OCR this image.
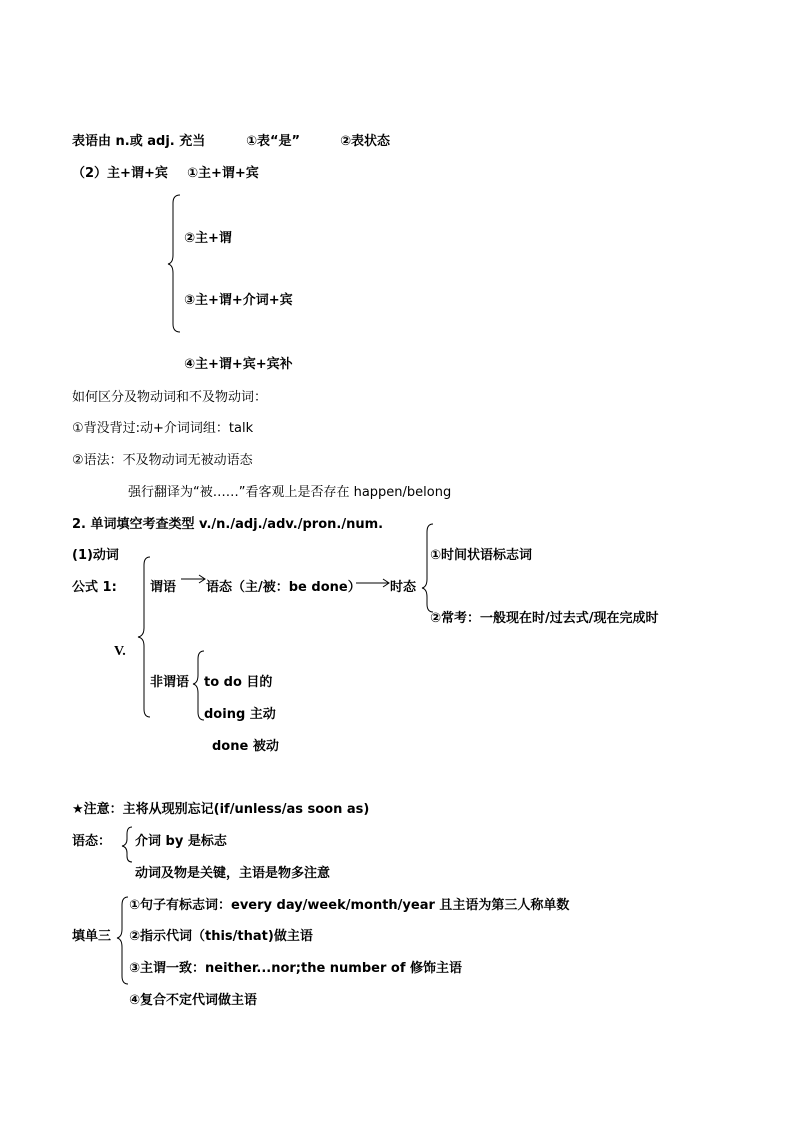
表语由 n.或 adj. 充当	①表“是”	②表状态
（2）主+谓+宾 ①主+谓+宾
②主+谓
③主+谓+介词+宾
④主+谓+宾+宾补
如何区分及物动词和不及物动词：
①背没背过:动+介词词组：talk
②语法：不及物动词无被动语态
强行翻译为“被……”看客观上是否存在 happen/belong
2. 单词填空考查类型 v./n./adj./adv./pron./num.
(1)动词
公式 1:
V.
谓语 语态（主/被：be done） 时态
①时间状语标志词
②常考：一般现在时/过去式/现在完成时
非谓语 to do 目的
doing 主动
done 被动
★注意：主将从现别忘记(if/unless/as soon as)
语态： 介词 by 是标志
动词及物是关键，主语是物多注意
填单三
①句子有标志词：every day/week/month/year 且主语为第三人称单数
②指示代词（this/that)做主语
③主谓一致：neither...nor;the number of 修饰主语
④复合不定代词做主语
